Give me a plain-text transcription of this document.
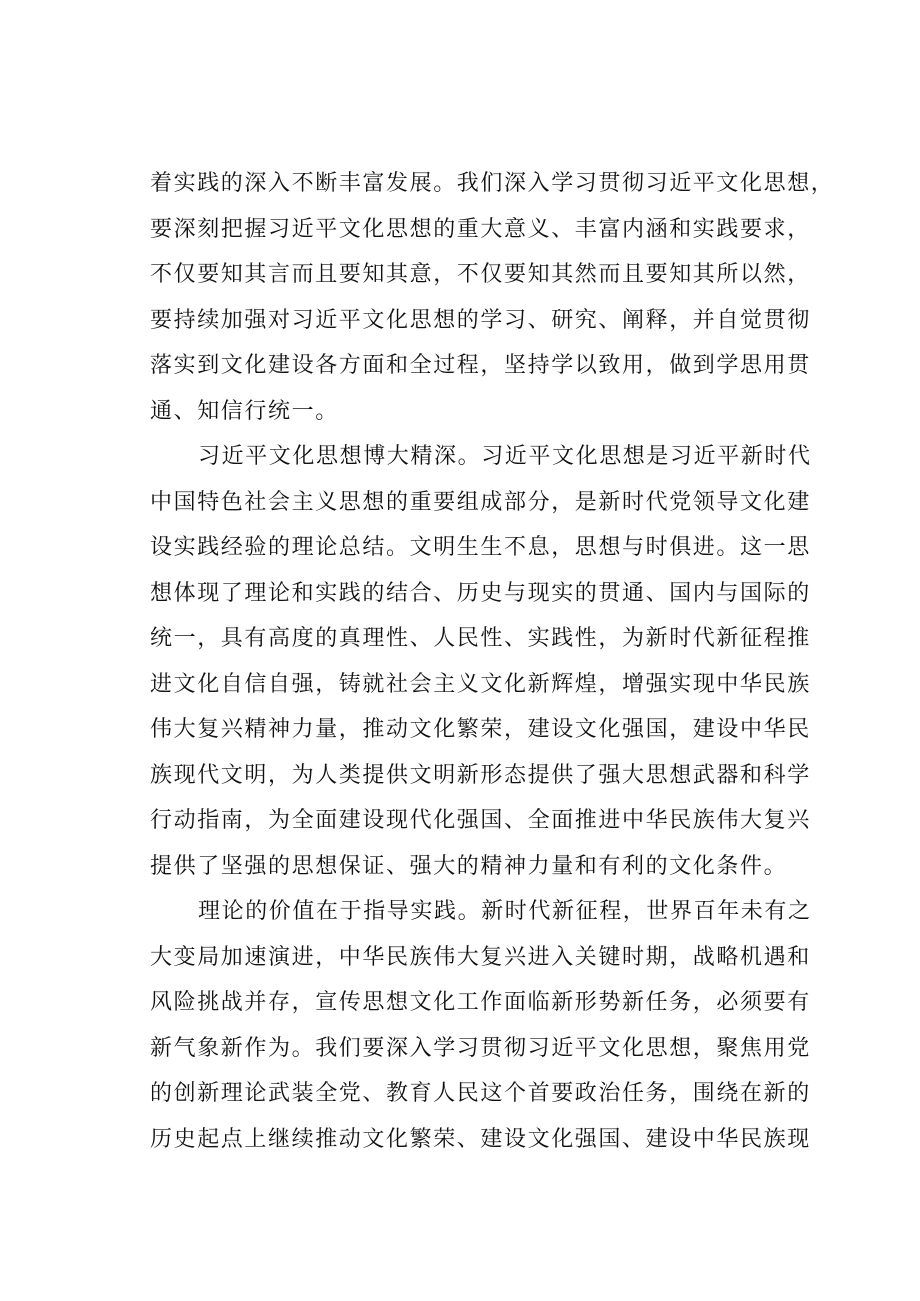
着实践的深入不断丰富发展。我们深入学习贯彻习近平文化思想，
要深刻把握习近平文化思想的重大意义、丰富内涵和实践要求，
不仅要知其言而且要知其意，不仅要知其然而且要知其所以然，
要持续加强对习近平文化思想的学习、研究、阐释，并自觉贯彻
落实到文化建设各方面和全过程，坚持学以致用，做到学思用贯
通、知信行统一。
习近平文化思想博大精深。习近平文化思想是习近平新时代
中国特色社会主义思想的重要组成部分，是新时代党领导文化建
设实践经验的理论总结。文明生生不息，思想与时俱进。这一思
想体现了理论和实践的结合、历史与现实的贯通、国内与国际的
统一，具有高度的真理性、人民性、实践性，为新时代新征程推
进文化自信自强，铸就社会主义文化新辉煌，增强实现中华民族
伟大复兴精神力量，推动文化繁荣，建设文化强国，建设中华民
族现代文明，为人类提供文明新形态提供了强大思想武器和科学
行动指南，为全面建设现代化强国、全面推进中华民族伟大复兴
提供了坚强的思想保证、强大的精神力量和有利的文化条件。
理论的价值在于指导实践。新时代新征程，世界百年未有之
大变局加速演进，中华民族伟大复兴进入关键时期，战略机遇和
风险挑战并存，宣传思想文化工作面临新形势新任务，必须要有
新气象新作为。我们要深入学习贯彻习近平文化思想，聚焦用党
的创新理论武装全党、教育人民这个首要政治任务，围绕在新的
历史起点上继续推动文化繁荣、建设文化强国、建设中华民族现
